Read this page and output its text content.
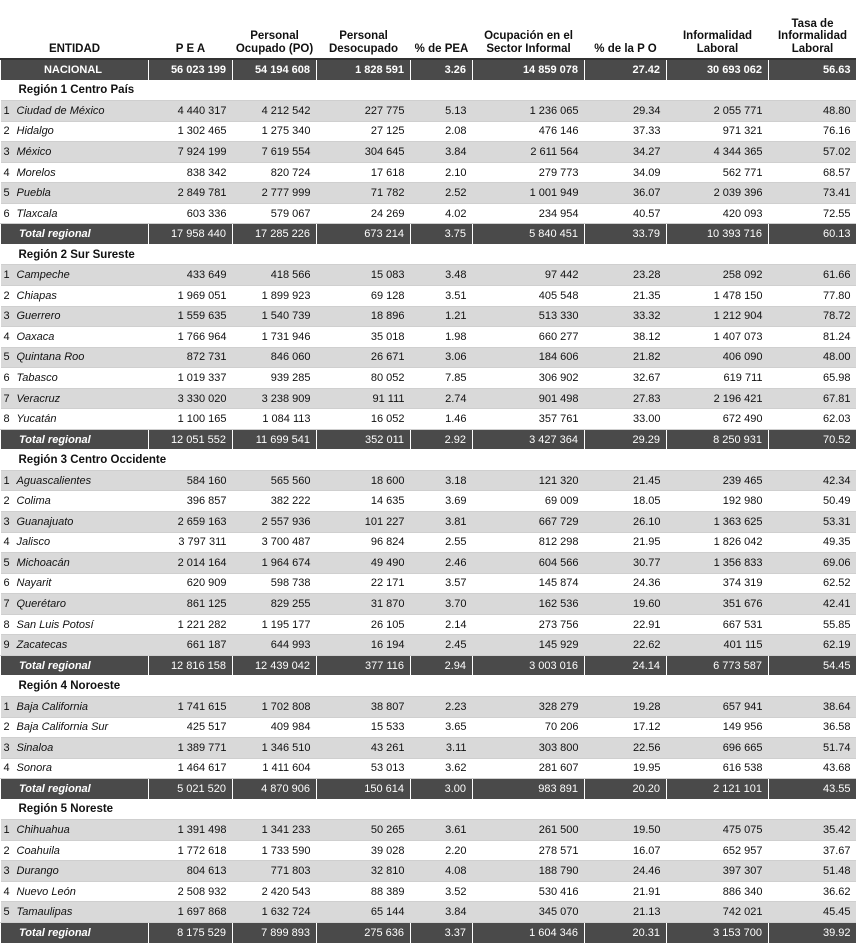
ENTIDAD		P E A	Personal Ocupado (PO)	Personal Desocupado	% de PEA	Ocupación en el Sector Informal	% de la P O	Informalidad Laboral	Tasa de Informalidad Laboral
NACIONAL		56 023 199	54 194 608	1 828 591	3.26	14 859 078	27.42	30 693 062	56.63
Región 1 Centro País									
1	Ciudad de México	4 440 317	4 212 542	227 775	5.13	1 236 065	29.34	2 055 771	48.80
2	Hidalgo	1 302 465	1 275 340	27 125	2.08	476 146	37.33	971 321	76.16
3	México	7 924 199	7 619 554	304 645	3.84	2 611 564	34.27	4 344 365	57.02
4	Morelos	838 342	820 724	17 618	2.10	279 773	34.09	562 771	68.57
5	Puebla	2 849 781	2 777 999	71 782	2.52	1 001 949	36.07	2 039 396	73.41
6	Tlaxcala	603 336	579 067	24 269	4.02	234 954	40.57	420 093	72.55
Total regional		17 958 440	17 285 226	673 214	3.75	5 840 451	33.79	10 393 716	60.13
Región 2 Sur Sureste									
1	Campeche	433 649	418 566	15 083	3.48	97 442	23.28	258 092	61.66
2	Chiapas	1 969 051	1 899 923	69 128	3.51	405 548	21.35	1 478 150	77.80
3	Guerrero	1 559 635	1 540 739	18 896	1.21	513 330	33.32	1 212 904	78.72
4	Oaxaca	1 766 964	1 731 946	35 018	1.98	660 277	38.12	1 407 073	81.24
5	Quintana Roo	872 731	846 060	26 671	3.06	184 606	21.82	406 090	48.00
6	Tabasco	1 019 337	939 285	80 052	7.85	306 902	32.67	619 711	65.98
7	Veracruz	3 330 020	3 238 909	91 111	2.74	901 498	27.83	2 196 421	67.81
8	Yucatán	1 100 165	1 084 113	16 052	1.46	357 761	33.00	672 490	62.03
Total regional		12 051 552	11 699 541	352 011	2.92	3 427 364	29.29	8 250 931	70.52
Región 3 Centro Occidente									
1	Aguascalientes	584 160	565 560	18 600	3.18	121 320	21.45	239 465	42.34
2	Colima	396 857	382 222	14 635	3.69	69 009	18.05	192 980	50.49
3	Guanajuato	2 659 163	2 557 936	101 227	3.81	667 729	26.10	1 363 625	53.31
4	Jalisco	3 797 311	3 700 487	96 824	2.55	812 298	21.95	1 826 042	49.35
5	Michoacán	2 014 164	1 964 674	49 490	2.46	604 566	30.77	1 356 833	69.06
6	Nayarit	620 909	598 738	22 171	3.57	145 874	24.36	374 319	62.52
7	Querétaro	861 125	829 255	31 870	3.70	162 536	19.60	351 676	42.41
8	San Luis Potosí	1 221 282	1 195 177	26 105	2.14	273 756	22.91	667 531	55.85
9	Zacatecas	661 187	644 993	16 194	2.45	145 929	22.62	401 115	62.19
Total regional		12 816 158	12 439 042	377 116	2.94	3 003 016	24.14	6 773 587	54.45
Región 4 Noroeste									
1	Baja California	1 741 615	1 702 808	38 807	2.23	328 279	19.28	657 941	38.64
2	Baja California Sur	425 517	409 984	15 533	3.65	70 206	17.12	149 956	36.58
3	Sinaloa	1 389 771	1 346 510	43 261	3.11	303 800	22.56	696 665	51.74
4	Sonora	1 464 617	1 411 604	53 013	3.62	281 607	19.95	616 538	43.68
Total regional		5 021 520	4 870 906	150 614	3.00	983 891	20.20	2 121 101	43.55
Región 5 Noreste									
1	Chihuahua	1 391 498	1 341 233	50 265	3.61	261 500	19.50	475 075	35.42
2	Coahuila	1 772 618	1 733 590	39 028	2.20	278 571	16.07	652 957	37.67
3	Durango	804 613	771 803	32 810	4.08	188 790	24.46	397 307	51.48
4	Nuevo León	2 508 932	2 420 543	88 389	3.52	530 416	21.91	886 340	36.62
5	Tamaulipas	1 697 868	1 632 724	65 144	3.84	345 070	21.13	742 021	45.45
Total regional		8 175 529	7 899 893	275 636	3.37	1 604 346	20.31	3 153 700	39.92
